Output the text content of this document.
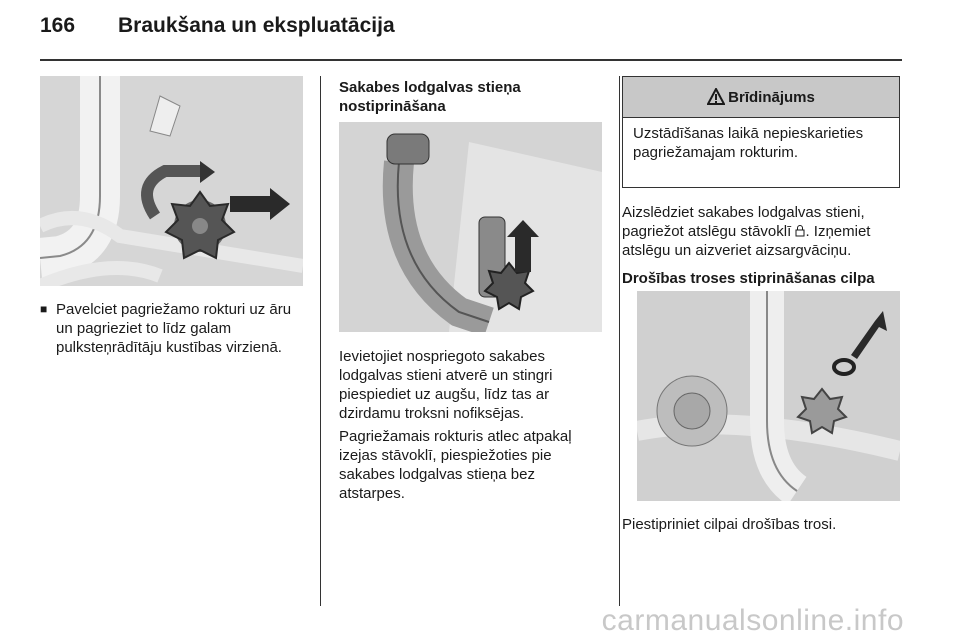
166 Braukšana un ekspluatācija
■ Pavelciet pagriežamo rokturi uz āru un pagrieziet to līdz galam pulksteņrādītāju kustības virzienā.
Sakabes lodgalvas stieņa nostiprināšana

Ievietojiet nospriegoto sakabes lodgalvas stieni atverē un stingri piespiediet uz augšu, līdz tas ar dzirdamu troksni nofiksējas.

Pagriežamais rokturis atlec atpakaļ izejas stāvoklī, piespiežoties pie sakabes lodgalvas stieņa bez atstarpes.

Brīdinājums
Uzstādīšanas laikā nepieskarieties pagriežamajam rokturim.
Aizslēdziet sakabes lodgalvas stieni, pagriežot atslēgu stāvoklī . Izņemiet atslēgu un aizveriet aizsargvāciņu.
Drošības troses stiprināšanas cilpa
Piestipriniet cilpai drošības trosi.
carmanualsonline.info
